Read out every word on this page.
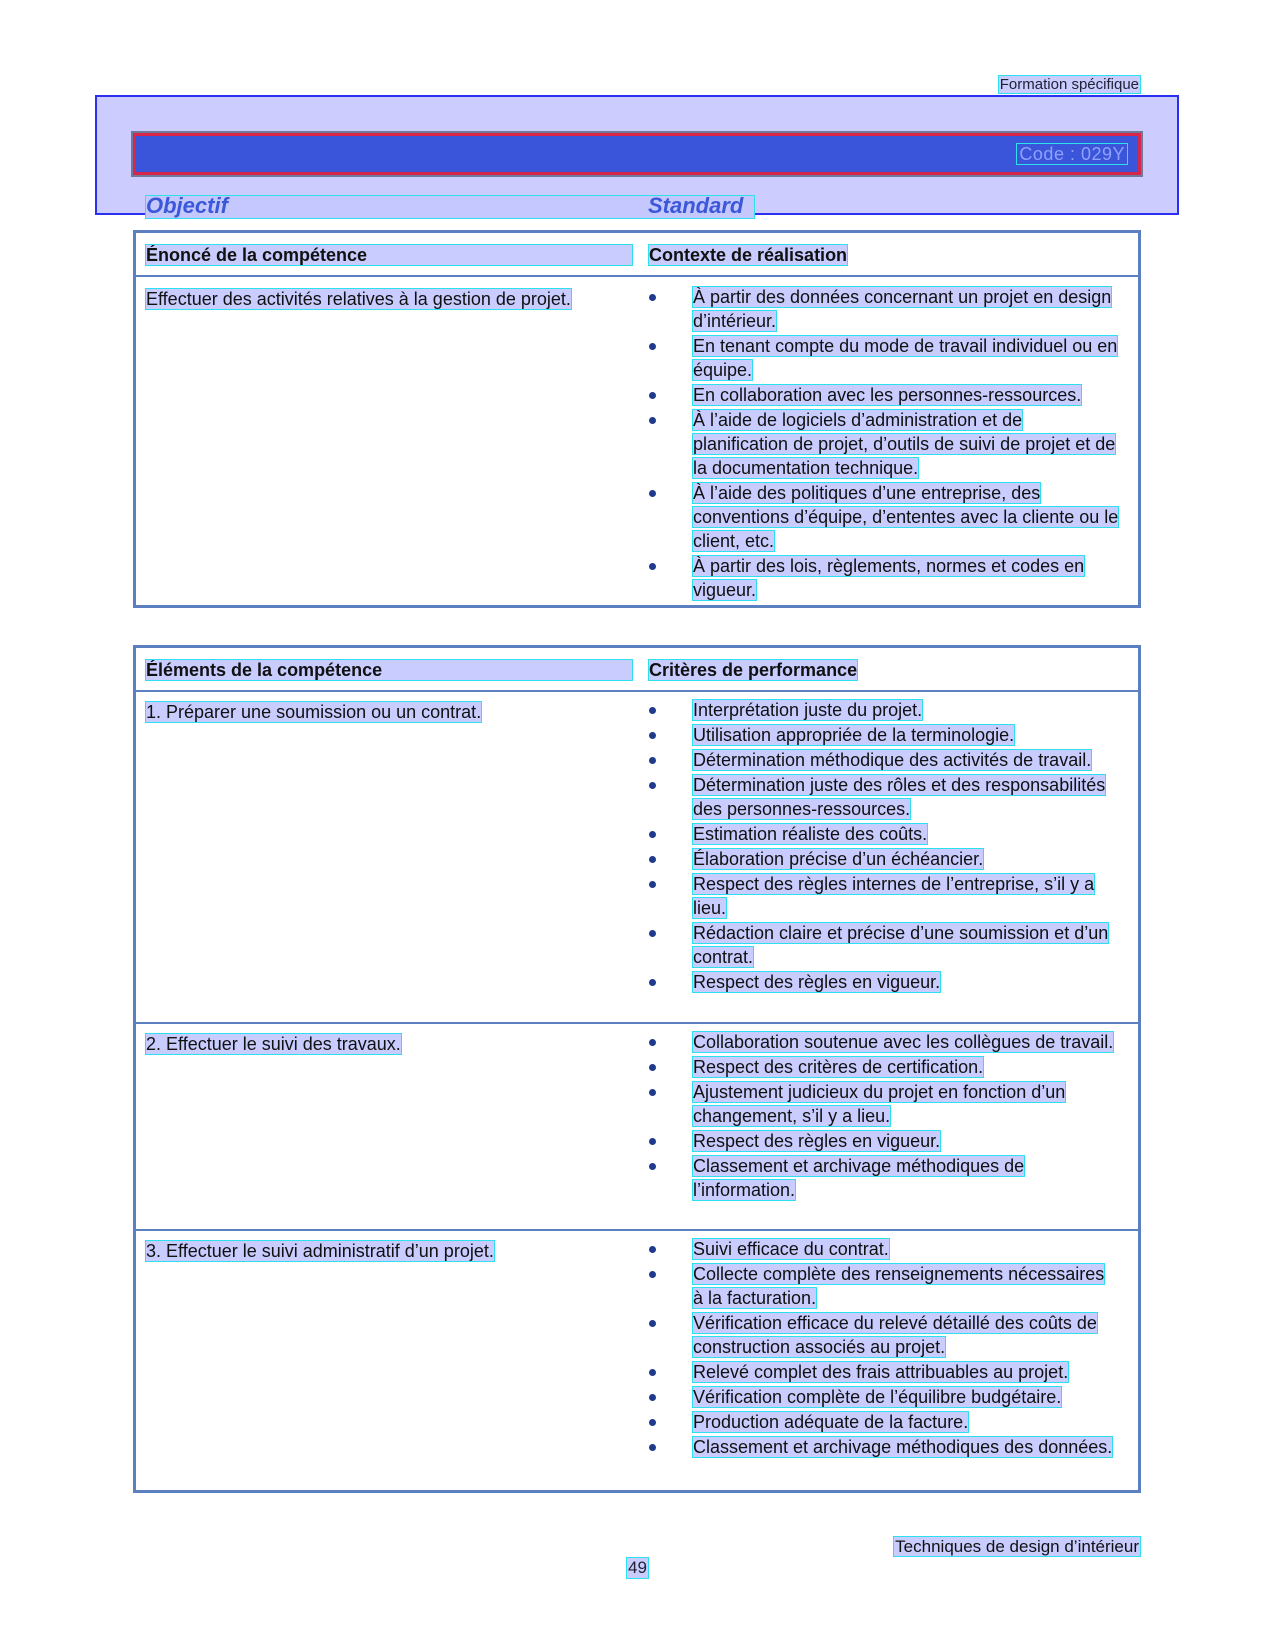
Formation spécifique
Code : 029Y
Objectif	Standard
Énoncé de la compétence	Contexte de réalisation
Effectuer des activités relatives à la gestion de projet.	À partir des données concernant un projet en design d’intérieur.
En tenant compte du mode de travail individuel ou en équipe.
En collaboration avec les personnes-ressources.
À l’aide de logiciels d’administration et de planification de projet, d’outils de suivi de projet et de la documentation technique.
À l’aide des politiques d’une entreprise, des conventions d’équipe, d’ententes avec la cliente ou le client, etc.
À partir des lois, règlements, normes et codes en vigueur.
Éléments de la compétence	Critères de performance
1. Préparer une soumission ou un contrat.	Interprétation juste du projet.
Utilisation appropriée de la terminologie.
Détermination méthodique des activités de travail.
Détermination juste des rôles et des responsabilités des personnes-ressources.
Estimation réaliste des coûts.
Élaboration précise d’un échéancier.
Respect des règles internes de l’entreprise, s’il y a lieu.
Rédaction claire et précise d’une soumission et d’un contrat.
Respect des règles en vigueur.
2. Effectuer le suivi des travaux.	Collaboration soutenue avec les collègues de travail.
Respect des critères de certification.
Ajustement judicieux du projet en fonction d’un changement, s’il y a lieu.
Respect des règles en vigueur.
Classement et archivage méthodiques de l’information.
3. Effectuer le suivi administratif d’un projet.	Suivi efficace du contrat.
Collecte complète des renseignements nécessaires à la facturation.
Vérification efficace du relevé détaillé des coûts de construction associés au projet.
Relevé complet des frais attribuables au projet.
Vérification complète de l’équilibre budgétaire.
Production adéquate de la facture.
Classement et archivage méthodiques des données.
Techniques de design d’intérieur
49
